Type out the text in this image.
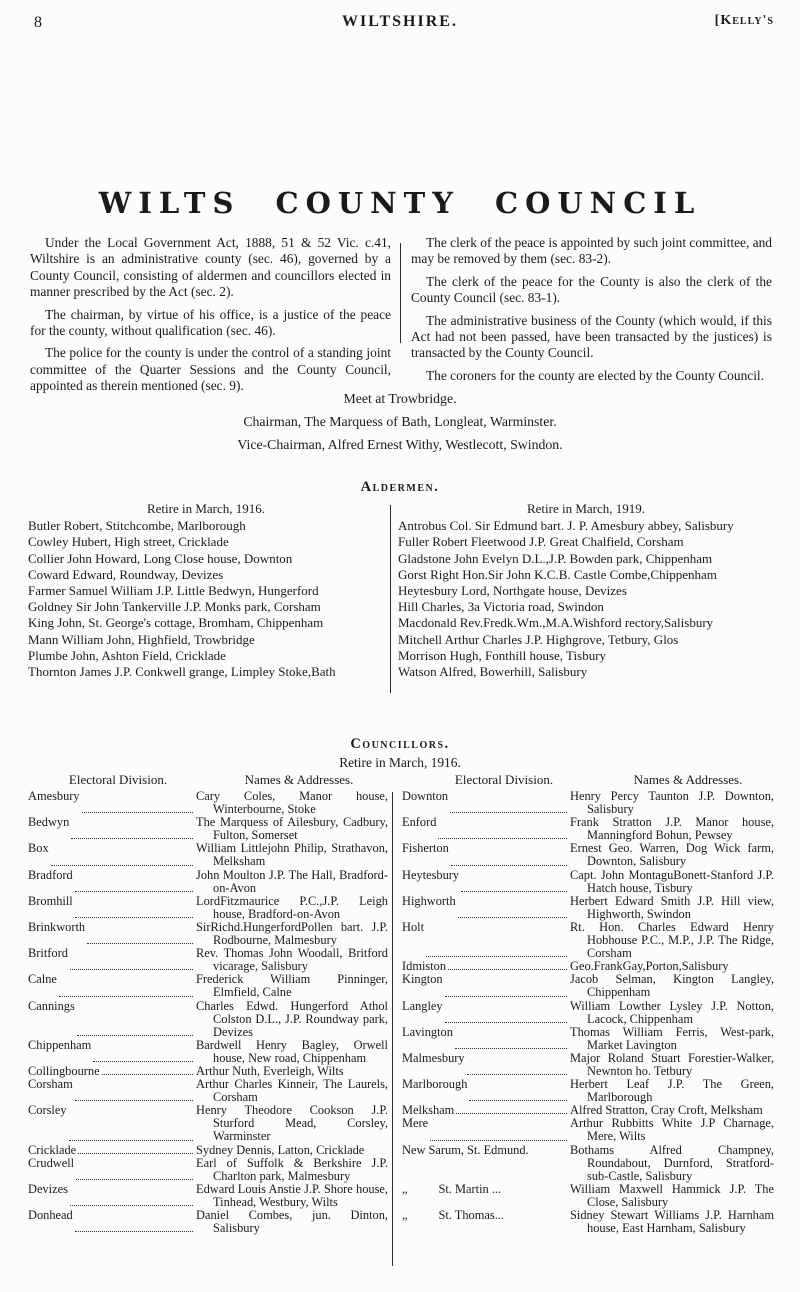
8	WILTSHIRE.	[Kelly's
WILTS COUNTY COUNCIL

Under the Local Government Act, 1888, 51 & 52 Vic. c.41, Wiltshire is an administrative county (sec. 46), governed by a County Council, consisting of aldermen and councillors elected in manner prescribed by the Act (sec. 2).

The chairman, by virtue of his office, is a justice of the peace for the county, without qualification (sec. 46).

The police for the county is under the control of a standing joint committee of the Quarter Sessions and the County Council, appointed as therein mentioned (sec. 9).

The clerk of the peace is appointed by such joint committee, and may be removed by them (sec. 83-2).

The clerk of the peace for the County is also the clerk of the County Council (sec. 83-1).

The administrative business of the County (which would, if this Act had not been passed, have been transacted by the justices) is transacted by the County Council.

The coroners for the county are elected by the County Council.

Meet at Trowbridge.
Chairman, The Marquess of Bath, Longleat, Warminster.
Vice-Chairman, Alfred Ernest Withy, Westlecott, Swindon.
Aldermen.
Retire in March, 1916.
Butler Robert, Stitchcombe, Marlborough
Cowley Hubert, High street, Cricklade
Collier John Howard, Long Close house, Downton
Coward Edward, Roundway, Devizes
Farmer Samuel William J.P. Little Bedwyn, Hungerford
Goldney Sir John Tankerville J.P. Monks park, Corsham
King John, St. George's cottage, Bromham, Chippenham
Mann William John, Highfield, Trowbridge
Plumbe John, Ashton Field, Cricklade
Thornton James J.P. Conkwell grange, Limpley Stoke,Bath
Retire in March, 1919.
Antrobus Col. Sir Edmund bart. J. P. Amesbury abbey, Salisbury
Fuller Robert Fleetwood J.P. Great Chalfield, Corsham
Gladstone John Evelyn D.L.,J.P. Bowden park, Chippenham
Gorst Right Hon.Sir John K.C.B. Castle Combe,Chippenham
Heytesbury Lord, Northgate house, Devizes
Hill Charles, 3a Victoria road, Swindon
Macdonald Rev.Fredk.Wm.,M.A.Wishford rectory,Salisbury
Mitchell Arthur Charles J.P. Highgrove, Tetbury, Glos
Morrison Hugh, Fonthill house, Tisbury
Watson Alfred, Bowerhill, Salisbury
Councillors.
Retire in March, 1916.
Electoral Division.	Names & Addresses.	Electoral Division.	Names & Addresses.
Amesbury	Cary Coles, Manor house, Winterbourne, Stoke
Bedwyn	The Marquess of Ailesbury, Cadbury, Fulton, Somerset
Box	William Littlejohn Philip, Strathavon, Melksham
Bradford	John Moulton J.P. The Hall, Bradford-on-Avon
Bromhill	LordFitzmaurice P.C.,J.P. Leigh house, Bradford-on-Avon
Brinkworth	SirRichd.HungerfordPollen bart. J.P. Rodbourne, Malmesbury
Britford	Rev. Thomas John Woodall, Britford vicarage, Salisbury
Calne	Frederick William Pinninger, Elmfield, Calne
Cannings	Charles Edwd. Hungerford Athol Colston D.L., J.P. Roundway park, Devizes
Chippenham	Bardwell Henry Bagley, Orwell house, New road, Chippenham
Collingbourne	Arthur Nuth, Everleigh, Wilts
Corsham	Arthur Charles Kinneir, The Laurels, Corsham
Corsley	Henry Theodore Cookson J.P. Sturford Mead, Corsley, Warminster
Cricklade	Sydney Dennis, Latton, Cricklade
Crudwell	Earl of Suffolk & Berkshire J.P. Charlton park, Malmesbury
Devizes	Edward Louis Anstie J.P. Shore house, Tinhead, Westbury, Wilts
Donhead	Daniel Combes, jun. Dinton, Salisbury
Downton	Henry Percy Taunton J.P. Downton, Salisbury
Enford	Frank Stratton J.P. Manor house, Manningford Bohun, Pewsey
Fisherton	Ernest Geo. Warren, Dog Wick farm, Downton, Salisbury
Heytesbury	Capt. John MontaguBonett-Stanford J.P. Hatch house, Tisbury
Highworth	Herbert Edward Smith J.P. Hill view, Highworth, Swindon
Holt	Rt. Hon. Charles Edward Henry Hobhouse P.C., M.P., J.P. The Ridge, Corsham
Idmiston	Geo.FrankGay,Porton,Salisbury
Kington	Jacob Selman, Kington Langley, Chippenham
Langley	William Lowther Lysley J.P. Notton, Lacock, Chippenham
Lavington	Thomas William Ferris, West-park, Market Lavington
Malmesbury	Major Roland Stuart Forestier-Walker, Newnton ho. Tetbury
Marlborough	Herbert Leaf J.P. The Green, Marlborough
Melksham	Alfred Stratton, Cray Croft, Melksham
Mere	Arthur Rubbitts White J.P Charnage, Mere, Wilts
New Sarum, St. Edmund.	Bothams Alfred Champney, Roundabout, Durnford, Stratford-sub-Castle, Salisbury
„   St. Martin ...	William Maxwell Hammick J.P. The Close, Salisbury
„   St. Thomas...	Sidney Stewart Williams J.P. Harnham house, East Harnham, Salisbury
